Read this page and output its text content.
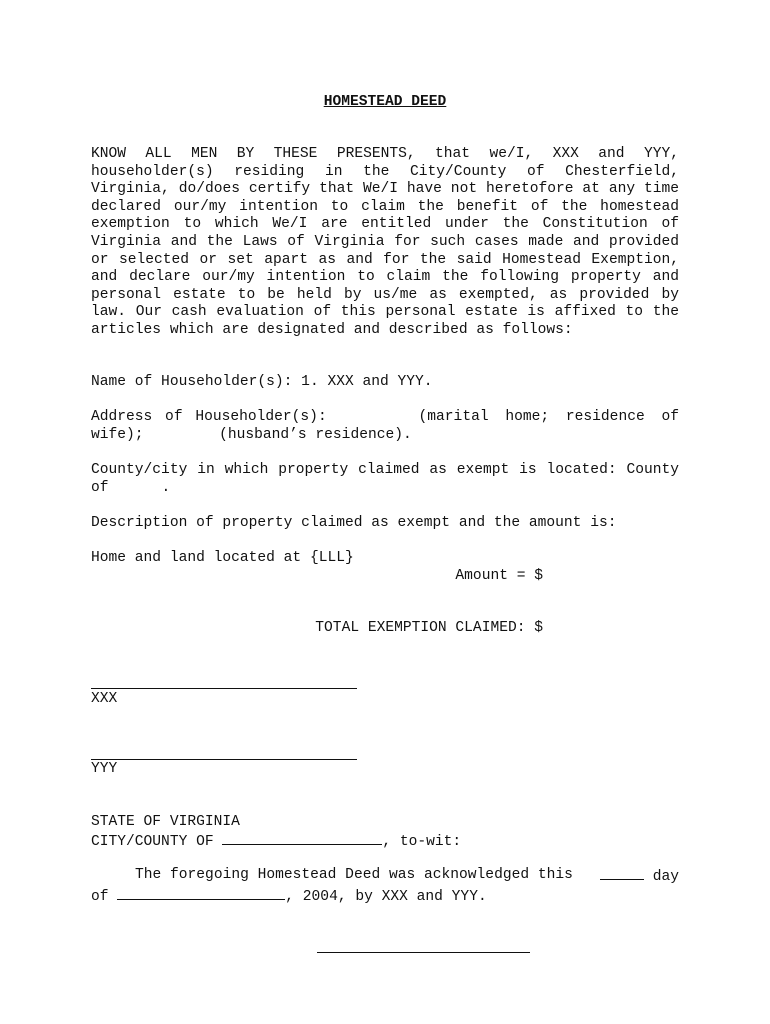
HOMESTEAD DEED

KNOW ALL MEN BY THESE PRESENTS, that we/I, XXX and YYY, householder(s) residing in the City/County of Chesterfield, Virginia, do/does certify that We/I have not heretofore at any time declared our/my intention to claim the benefit of the homestead exemption to which We/I are entitled under the Constitution of Virginia and the Laws of Virginia for such cases made and provided or selected or set apart as and for the said Homestead Exemption, and declare our/my intention to claim the following property and personal estate to be held by us/me as exempted, as provided by law. Our cash evaluation of this personal estate is affixed to the articles which are designated and described as follows:

Name of Householder(s): 1. XXX and YYY.

Address of Householder(s):	(marital home; residence of
wife);	(husband’s residence).
County/city in which property claimed as exempt is located: County
of	.

Description of property claimed as exempt and the amount is:

Home and land located at {LLL}

Amount = $

TOTAL EXEMPTION CLAIMED: $

XXX
YYY
STATE OF VIRGINIA
CITY/COUNTY OF	, to-wit:
The foregoing Homestead Deed was acknowledged this	day
of	, 2004, by XXX and YYY.
